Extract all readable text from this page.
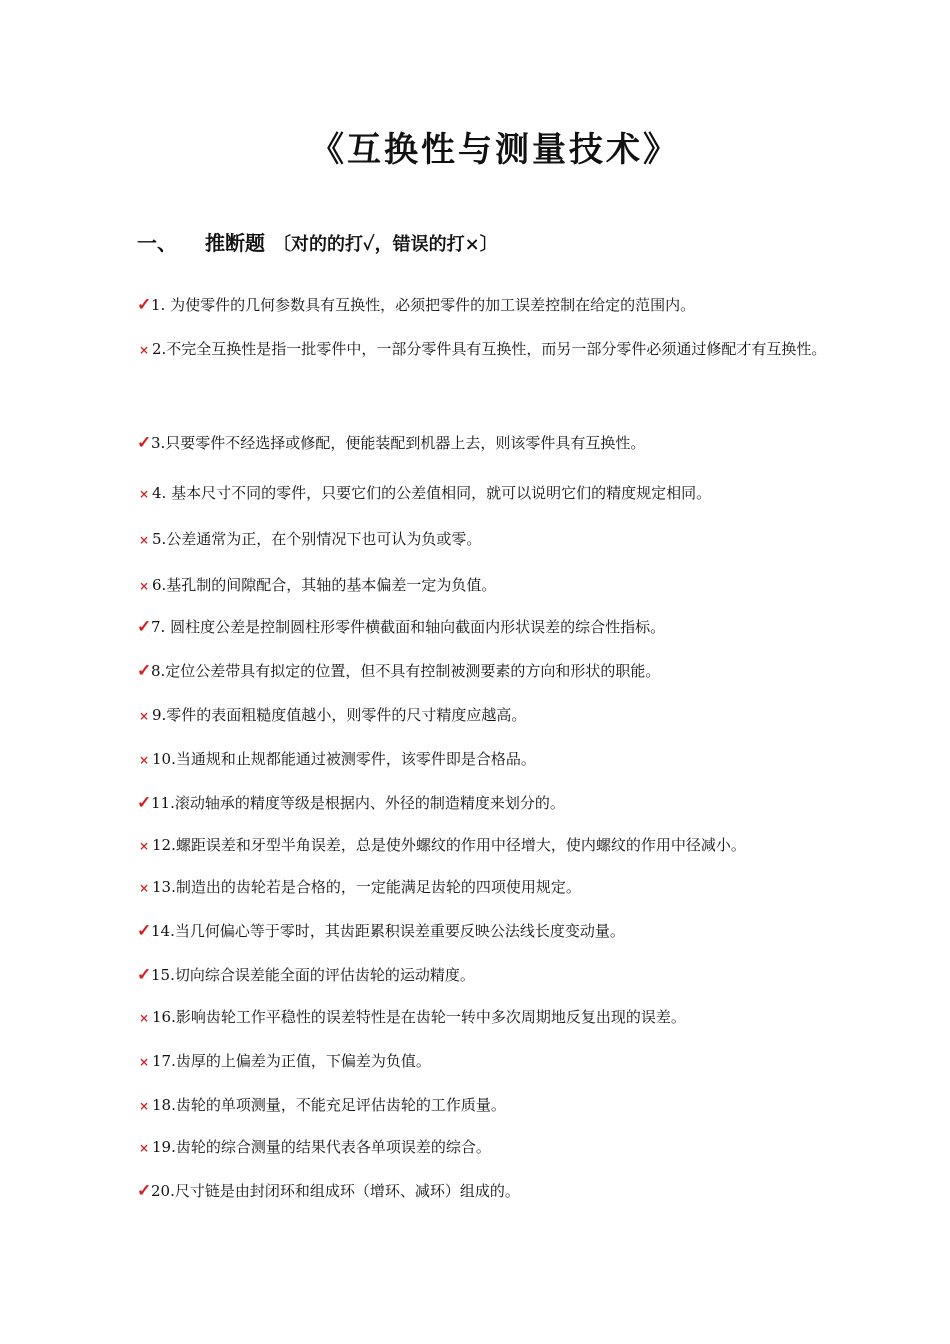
《互换性与测量技术》
一、 推断题 〔对的的打✓，错误的打×〕
✓1. 为使零件的几何参数具有互换性，必须把零件的加工误差控制在给定的范围内。
× 2.不完全互换性是指一批零件中，一部分零件具有互换性，而另一部分零件必须通过修配才有互换性。
✓3.只要零件不经选择或修配，便能装配到机器上去，则该零件具有互换性。
× 4. 基本尺寸不同的零件，只要它们的公差值相同，就可以说明它们的精度规定相同。
× 5.公差通常为正，在个别情况下也可认为负或零。
× 6.基孔制的间隙配合，其轴的基本偏差一定为负值。
✓7. 圆柱度公差是控制圆柱形零件横截面和轴向截面内形状误差的综合性指标。
✓8.定位公差带具有拟定的位置，但不具有控制被测要素的方向和形状的职能。
× 9.零件的表面粗糙度值越小，则零件的尺寸精度应越高。
× 10.当通规和止规都能通过被测零件，该零件即是合格品。
✓11.滚动轴承的精度等级是根据内、外径的制造精度来划分的。
× 12.螺距误差和牙型半角误差，总是使外螺纹的作用中径增大，使内螺纹的作用中径减小。
× 13.制造出的齿轮若是合格的，一定能满足齿轮的四项使用规定。
✓14.当几何偏心等于零时，其齿距累积误差重要反映公法线长度变动量。
✓15.切向综合误差能全面的评估齿轮的运动精度。
× 16.影响齿轮工作平稳性的误差特性是在齿轮一转中多次周期地反复出现的误差。
× 17.齿厚的上偏差为正值，下偏差为负值。
× 18.齿轮的单项测量，不能充足评估齿轮的工作质量。
× 19.齿轮的综合测量的结果代表各单项误差的综合。
✓20.尺寸链是由封闭环和组成环（增环、减环）组成的。
